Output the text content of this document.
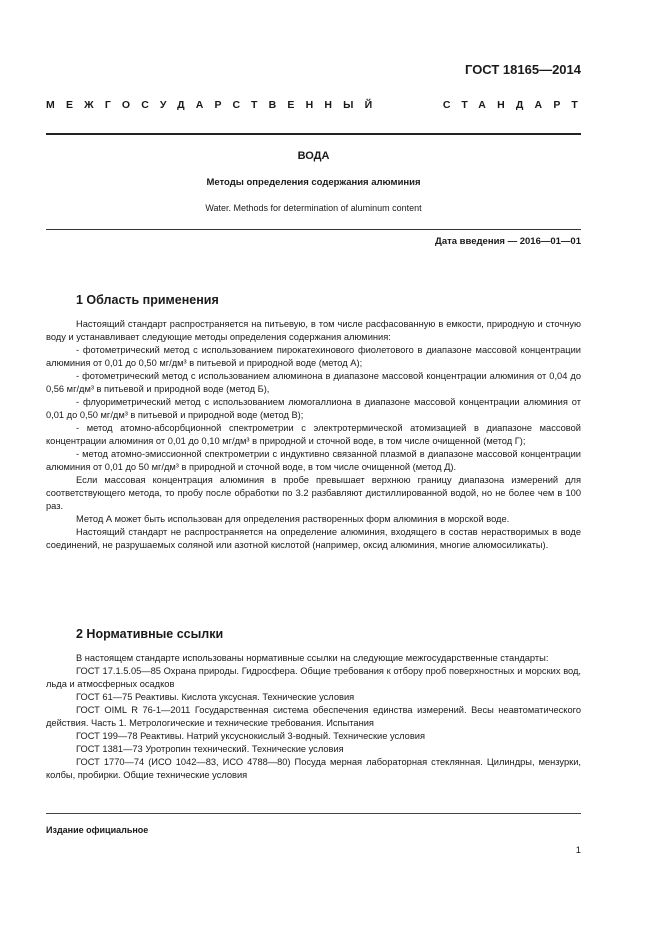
ГОСТ 18165—2014
МЕЖГОСУДАРСТВЕННЫЙ	СТАНДАРТ
ВОДА
Методы определения содержания алюминия
Water. Methods for determination of aluminum content
Дата введения — 2016—01—01
1 Область применения

Настоящий стандарт распространяется на питьевую, в том числе расфасованную в емкости, природную и сточную воду и устанавливает следующие методы определения содержания алюминия:

- фотометрический метод с использованием пирокатехинового фиолетового в диапазоне массовой концентрации алюминия от 0,01 до 0,50 мг/дм³ в питьевой и природной воде (метод А);

- фотометрический метод с использованием алюминона в диапазоне массовой концентрации алюминия от 0,04 до 0,56 мг/дм³ в питьевой и природной воде (метод Б),

- флуориметрический метод с использованием люмогаллиона в диапазоне массовой концентрации алюминия от 0,01 до 0,50 мг/дм³ в питьевой и природной воде (метод В);

- метод атомно-абсорбционной спектрометрии с электротермической атомизацией в диапазоне массовой концентрации алюминия от 0,01 до 0,10 мг/дм³ в природной и сточной воде, в том числе очищенной (метод Г);

- метод атомно-эмиссионной спектрометрии с индуктивно связанной плазмой в диапазоне массовой концентрации алюминия от 0,01 до 50 мг/дм³ в природной и сточной воде, в том числе очищенной (метод Д).

Если массовая концентрация алюминия в пробе превышает верхнюю границу диапазона измерений для соответствующего метода, то пробу после обработки по 3.2 разбавляют дистиллированной водой, но не более чем в 100 раз.

Метод А может быть использован для определения растворенных форм алюминия в морской воде.

Настоящий стандарт не распространяется на определение алюминия, входящего в состав нерастворимых в воде соединений, не разрушаемых соляной или азотной кислотой (например, оксид алюминия, многие алюмосиликаты).

2 Нормативные ссылки

В настоящем стандарте использованы нормативные ссылки на следующие межгосударственные стандарты:

ГОСТ 17.1.5.05—85 Охрана природы. Гидросфера. Общие требования к отбору проб поверхностных и морских вод, льда и атмосферных осадков

ГОСТ 61—75 Реактивы. Кислота уксусная. Технические условия

ГОСТ OIML R 76-1—2011 Государственная система обеспечения единства измерений. Весы неавтоматического действия. Часть 1. Метрологические и технические требования. Испытания

ГОСТ 199—78 Реактивы. Натрий уксуснокислый 3-водный. Технические условия

ГОСТ 1381—73 Уротропин технический. Технические условия

ГОСТ 1770—74 (ИСО 1042—83, ИСО 4788—80) Посуда мерная лабораторная стеклянная. Цилиндры, мензурки, колбы, пробирки. Общие технические условия

Издание официальное
1
